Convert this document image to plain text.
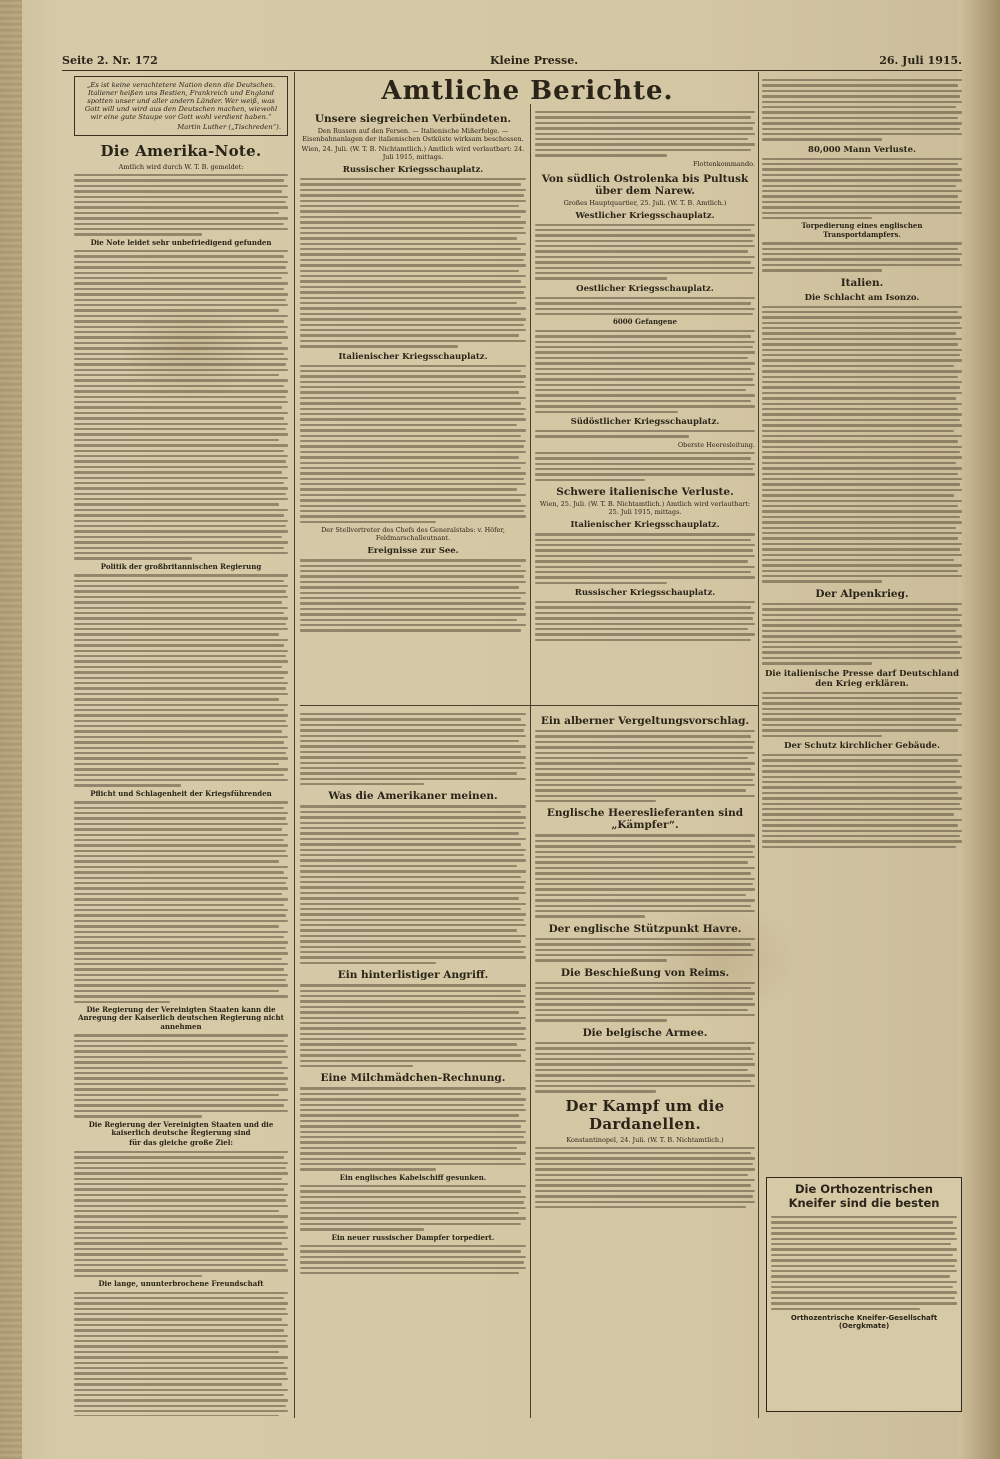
Seite 2. Nr. 172	Kleine Presse.	26. Juli 1915.
Amtliche Berichte.
„Es ist keine verachtetere Nation denn die Deutschen. Italiener heißen uns Bestien, Frankreich und England spotten unser und aller andern Länder. Wer weiß, was Gott will und wird aus den Deutschen machen, wiewohl wir eine gute Staupe vor Gott wohl verdient haben.“
Martin Luther („Tischreden“).
Die Amerika-Note.
Amtlich wird durch W. T. B. gemeldet:
Die Note leidet sehr unbefriedigend gefunden
Politik der großbritannischen Regierung
Pflicht und Schlagenheit der Kriegsführenden
Die Regierung der Vereinigten Staaten kann die Anregung der Kaiserlich deutschen Regierung nicht annehmen
Die Regierung der Vereinigten Staaten und die kaiserlich deutsche Regierung sind
für das gleiche große Ziel:
Die lange, ununterbrochene Freundschaft
Unsere siegreichen Verbündeten.
Den Russen auf den Fersen. — Italienische Mißerfolge. — Eisenbahnanlagen der italienischen Ostküste wirksam beschossen.
Wien, 24. Juli. (W. T. B. Nichtamtlich.) Amtlich wird verlautbart: 24. Juli 1915, mittags.
Russischer Kriegsschauplatz.
Italienischer Kriegsschauplatz.
Der Stellvertreter des Chefs des Generalstabs: v. Höfer, Feldmarschalleutnant.
Ereignisse zur See.
Flottenkommando.
Von südlich Ostrolenka bis Pultusk über dem Narew.
Großes Hauptquartier, 25. Juli. (W. T. B. Amtlich.)
Westlicher Kriegsschauplatz.
Oestlicher Kriegsschauplatz.
6000 Gefangene
Südöstlicher Kriegsschauplatz.
Oberste Heeresleitung.
Schwere italienische Verluste.
Wien, 25. Juli. (W. T. B. Nichtamtlich.) Amtlich wird verlautbart: 25. Juli 1915, mittags.
Italienischer Kriegsschauplatz.
Russischer Kriegsschauplatz.
Was die Amerikaner meinen.
Ein hinterlistiger Angriff.
Eine Milchmädchen-Rechnung.
Ein englisches Kabelschiff gesunken.
Ein neuer russischer Dampfer torpediert.
Ein alberner Vergeltungsvorschlag.
Englische Heereslieferanten sind „Kämpfer“.
Der englische Stützpunkt Havre.
Die Beschießung von Reims.
Die belgische Armee.
Der Kampf um die Dardanellen.
Konstantinopel, 24. Juli. (W. T. B. Nichtamtlich.)
80,000 Mann Verluste.
Torpedierung eines englischen Transportdampfers.
Italien.
Die Schlacht am Isonzo.
Der Alpenkrieg.
Die italienische Presse darf Deutschland den Krieg erklären.
Der Schutz kirchlicher Gebäude.
Die Orthozentrischen Kneifer sind die besten
Orthozentrische Kneifer-Gesellschaft (Oergkmate)
